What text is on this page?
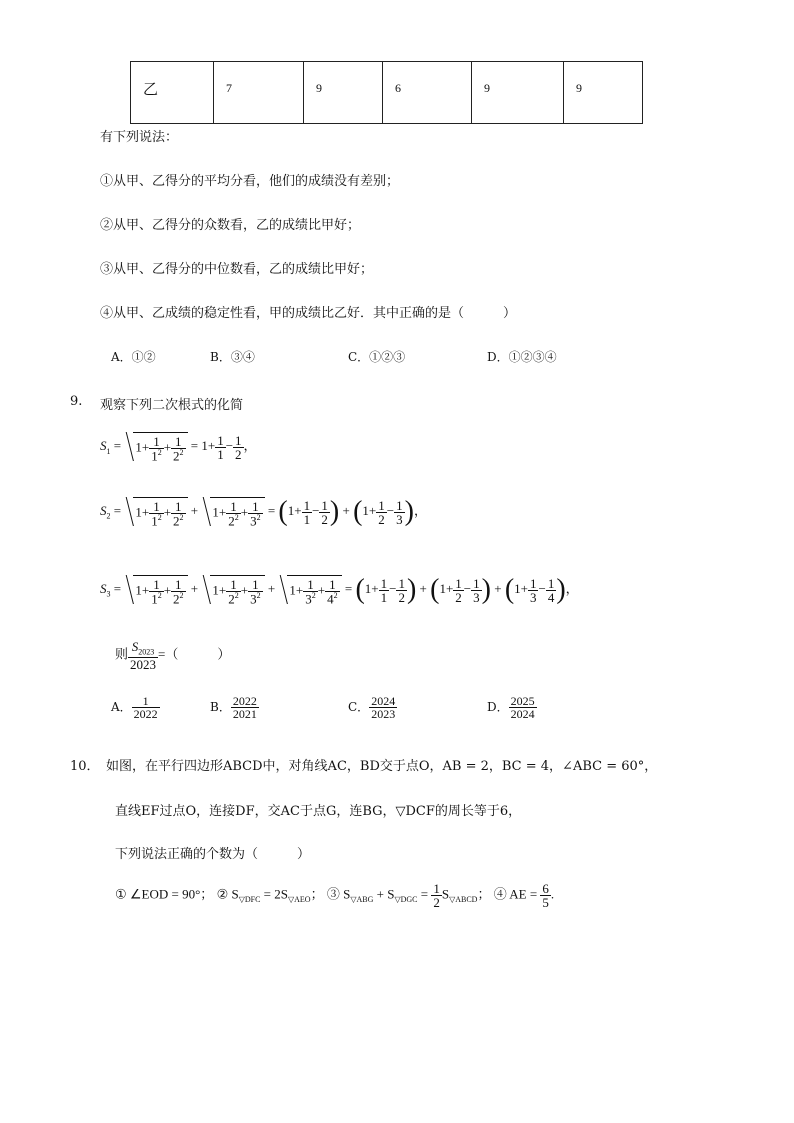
乙	7	9	6	9	9
有下列说法：
①从甲、乙得分的平均分看，他们的成绩没有差别；
②从甲、乙得分的众数看，乙的成绩比甲好；
③从甲、乙得分的中位数看，乙的成绩比甲好；
④从甲、乙成绩的稳定性看，甲的成绩比乙好．其中正确的是（　　　）
A．①②	B．③④	C．①②③	D．①②③④
9. 观察下列二次根式的化简
$S_1 = 1+ \frac{1}{1^2} + \frac{1}{2^2} = 1+ \frac{1}{1} - \frac{1}{2}$ ，
$S_2 = 1+ \frac{1}{1^2} + \frac{1}{2^2} + 1+ \frac{1}{2^2} + \frac{1}{3^2} = (1+ \frac{1}{1} - \frac{1}{2}$ ) + ($1+ \frac{1}{2} - \frac{1}{3}$ )，
$S_3 = 1+ \frac{1}{1^2} + \frac{1}{2^2} + 1+ \frac{1}{2^2} + \frac{1}{3^2} + 1+ \frac{1}{3^2} + \frac{1}{4^2} = (1+ \frac{1}{1} - \frac{1}{2}$ ) + ($1+ \frac{1}{2} - \frac{1}{3}$ ) + ($1+ \frac{1}{3} - \frac{1}{4}$ )，
则 $\frac{S_{2023}}{2023}$ =（　　　）
A． $\frac{1}{2022}$	B． $\frac{2022}{2021}$	C． $\frac{2024}{2023}$	D． $\frac{2025}{2024}$
10． 如图，在平行四边形ABCD中，对角线AC，BD交于点O，AB = 2，BC = 4，∠ABC = 60°，
直线EF过点O，连接DF，交AC于点G，连BG，▽DCF的周长等于6，
下列说法正确的个数为（　　　）
① ∠EOD = 90°； ② $S_{▽DFC} = 2S_{▽AEO}$； ③ $S_{▽ABG} + S_{▽DGC} = \frac{1}{2} S_{▽ABCD}$； ④ AE = $\frac{6}{5}$ .
